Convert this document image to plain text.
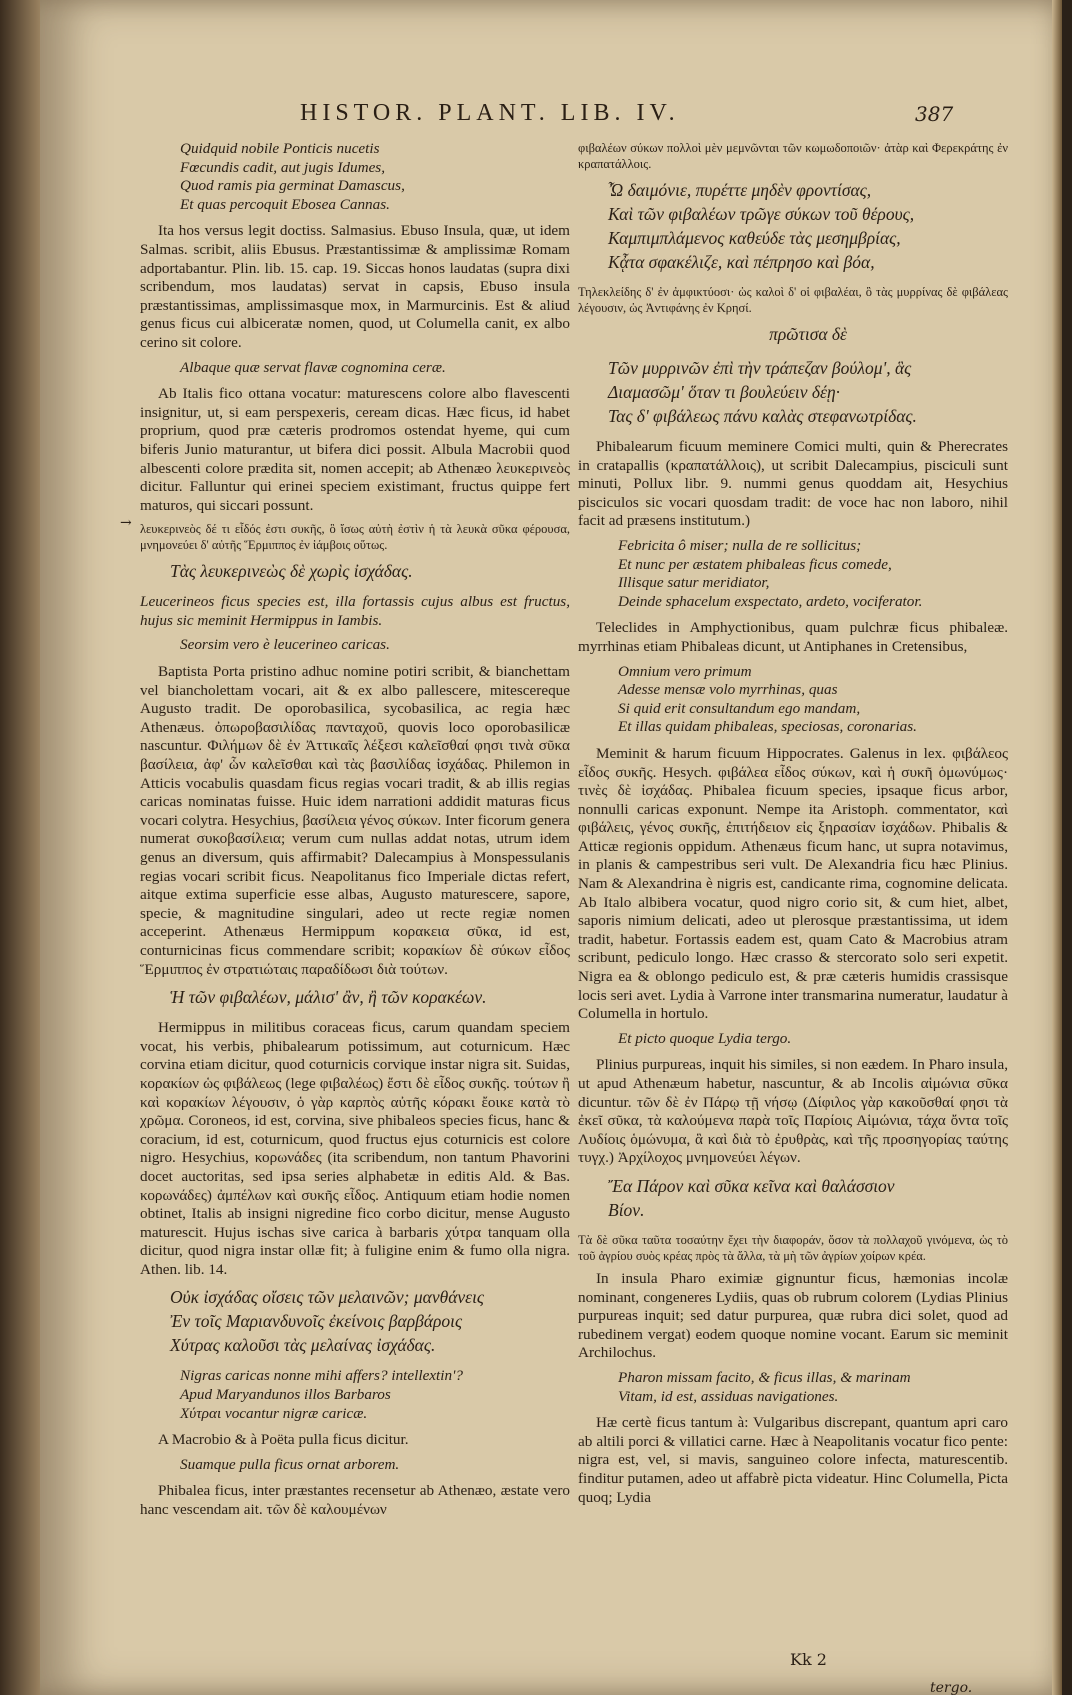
HISTOR. PLANT. LIB. IV.	387
→
Quidquid nobile Ponticis nucetis
Fœcundis cadit, aut jugis Idumes,
Quod ramis pia germinat Damascus,
Et quas percoquit Ebosea Cannas.

Ita hos versus legit doctiss. Salmasius. Ebuso Insula, quæ, ut idem Salmas. scribit, aliis Ebusus. Præstantissimæ & amplissimæ Romam adportabantur. Plin. lib. 15. cap. 19. Siccas honos laudatas (supra dixi scribendum, mos laudatas) servat in capsis, Ebuso insula præstantissimas, amplissimasque mox, in Marmurcinis. Est & aliud genus ficus cui albiceratæ nomen, quod, ut Columella canit, ex albo cerino sit colore.

Albaque quæ servat flavæ cognomina ceræ.

Ab Italis fico ottana vocatur: maturescens colore albo flavescenti insignitur, ut, si eam perspexeris, ceream dicas. Hæc ficus, id habet proprium, quod præ cæteris prodromos ostendat hyeme, qui cum biferis Junio maturantur, ut bifera dici possit. Albula Macrobii quod albescenti colore prædita sit, nomen accepit; ab Athenæo λευκερινεὸς dicitur. Falluntur qui erinei speciem existimant, fructus quippe fert maturos, qui siccari possunt.

λευκερινεὸς δέ τι εἶδός ἐστι συκῆς, ὃ ἴσως αὐτὴ ἐστὶν ἡ τὰ λευκὰ σῦκα φέρουσα, μνημονεύει δ' αὐτῆς Ἕρμιππος ἐν ἰάμβοις οὕτως.

Τὰς λευκερινεὼς δὲ χωρὶς ἰσχάδας.

Leucerineos ficus species est, illa fortassis cujus albus est fructus, hujus sic meminit Hermippus in Iambis.

Seorsim vero è leucerineo caricas.

Baptista Porta pristino adhuc nomine potiri scribit, & bianchettam vel biancholettam vocari, ait & ex albo pallescere, mitescereque Augusto tradit. De oporobasilica, sycobasilica, ac regia hæc Athenæus. ὀπωροβασιλίδας πανταχοῦ, quovis loco oporobasilicæ nascuntur. Φιλήμων δὲ ἐν Ἀττικαῖς λέξεσι καλεῖσθαί φησι τινὰ σῦκα βασίλεια, ἀφ' ὧν καλεῖσθαι καὶ τὰς βασιλίδας ἰσχάδας. Philemon in Atticis vocabulis quasdam ficus regias vocari tradit, & ab illis regias caricas nominatas fuisse. Huic idem narrationi addidit maturas ficus vocari colytra. Hesychius, βασίλεια γένος σύκων. Inter ficorum genera numerat συκοβασίλεια; verum cum nullas addat notas, utrum idem genus an diversum, quis affirmabit? Dalecampius à Monspessulanis regias vocari scribit ficus. Neapolitanus fico Imperiale dictas refert, aitque extima superficie esse albas, Augusto maturescere, sapore, specie, & magnitudine singulari, adeo ut recte regiæ nomen acceperint. Athenæus Hermippum κορακεια σῦκα, id est, conturnicinas ficus commendare scribit; κορακίων δὲ σύκων εἶδος Ἕρμιππος ἐν στρατιώταις παραδίδωσι διὰ τούτων.

Ἡ τῶν φιβαλέων, μάλισ' ἂν, ἢ τῶν κορακέων.

Hermippus in militibus coraceas ficus, carum quandam speciem vocat, his verbis, phibalearum potissimum, aut coturnicum. Hæc corvina etiam dicitur, quod coturnicis corvique instar nigra sit. Suidas, κορακίων ὡς φιβάλεως (lege φιβαλέως) ἔστι δὲ εἶδος συκῆς. τούτων ἢ καὶ κορακίων λέγουσιν, ὁ γὰρ καρπὸς αὐτῆς κόρακι ἔοικε κατὰ τὸ χρῶμα. Coroneos, id est, corvina, sive phibaleos species ficus, hanc & coracium, id est, coturnicum, quod fructus ejus coturnicis est colore nigro. Hesychius, κορωνάδες (ita scribendum, non tantum Phavorini docet auctoritas, sed ipsa series alphabetæ in editis Ald. & Bas. κορωνάδες) ἀμπέλων καὶ συκῆς εἶδος. Antiquum etiam hodie nomen obtinet, Italis ab insigni nigredine fico corbo dicitur, mense Augusto maturescit. Hujus ischas sive carica à barbaris χύτρα tanquam olla dicitur, quod nigra instar ollæ fit; à fuligine enim & fumo olla nigra. Athen. lib. 14.

Οὐκ ἰσχάδας οἴσεις τῶν μελαινῶν; μανθάνεις
Ἐν τοῖς Μαριανδυνοῖς ἐκείνοις βαρβάροις
Χύτρας καλοῦσι τὰς μελαίνας ἰσχάδας.
Nigras caricas nonne mihi affers? intellextin'?
Apud Maryandunos illos Barbaros
Χύτραι vocantur nigræ caricæ.

A Macrobio & à Poëta pulla ficus dicitur.

Suamque pulla ficus ornat arborem.

Phibalea ficus, inter præstantes recensetur ab Athenæo, æstate vero hanc vescendam ait. τῶν δὲ καλουμένων

φιβαλέων σύκων πολλοὶ μὲν μεμνῶνται τῶν κωμωδοποιῶν· ἀτὰρ καὶ Φερεκράτης ἐν κραπατάλλοις.

Ὦ δαιμόνιε, πυρέττε μηδὲν φροντίσας,
Καὶ τῶν φιβαλέων τρῶγε σύκων τοῦ θέρους,
Καμπιμπλάμενος καθεύδε τὰς μεσημβρίας,
Κᾆτα σφακέλιζε, καὶ πέπρησο καὶ βόα,

Τηλεκλείδης δ' ἐν ἀμφικτύοσι· ὡς καλοὶ δ' οἱ φιβαλέαι, ὃ τὰς μυρρίνας δὲ φιβάλεας λέγουσιν, ὡς Ἀντιφάνης ἐν Κρησί.

πρῶτισα δὲ
Τῶν μυρρινῶν ἐπὶ τὴν τράπεζαν βούλομ', ἃς
Διαμασῶμ' ὅταν τι βουλεύειν δέῃ·
Τας δ' φιβάλεως πάνυ καλὰς στεφανωτρίδας.

Phibalearum ficuum meminere Comici multi, quin & Pherecrates in cratapallis (κραπατάλλοις), ut scribit Dalecampius, pisciculi sunt minuti, Pollux libr. 9. nummi genus quoddam ait, Hesychius pisciculos sic vocari quosdam tradit: de voce hac non laboro, nihil facit ad præsens institutum.)

Febricita ô miser; nulla de re sollicitus;
Et nunc per æstatem phibaleas ficus comede,
Illisque satur meridiator,
Deinde sphacelum exspectato, ardeto, vociferator.

Teleclides in Amphyctionibus, quam pulchræ ficus phibaleæ. myrrhinas etiam Phibaleas dicunt, ut Antiphanes in Cretensibus,

Omnium vero primum
Adesse mensæ volo myrrhinas, quas
Si quid erit consultandum ego mandam,
Et illas quidam phibaleas, speciosas, coronarias.

Meminit & harum ficuum Hippocrates. Galenus in lex. φιβάλεος εἶδος συκῆς. Hesych. φιβάλεα εἶδος σύκων, καὶ ἡ συκῆ ὁμωνύμως· τινὲς δὲ ἰσχάδας. Phibalea ficuum species, ipsaque ficus arbor, nonnulli caricas exponunt. Nempe ita Aristoph. commentator, καὶ φιβάλεις, γένος συκῆς, ἐπιτήδειον εἰς ξηρασίαν ἰσχάδων. Phibalis & Atticæ regionis oppidum. Athenæus ficum hanc, ut supra notavimus, in planis & campestribus seri vult. De Alexandria ficu hæc Plinius. Nam & Alexandrina è nigris est, candicante rima, cognomine delicata. Ab Italo albibera vocatur, quod nigro corio sit, & cum hiet, albet, saporis nimium delicati, adeo ut plerosque præstantissima, ut idem tradit, habetur. Fortassis eadem est, quam Cato & Macrobius atram scribunt, pediculo longo. Hæc crasso & stercorato solo seri expetit. Nigra ea & oblongo pediculo est, & præ cæteris humidis crassisque locis seri avet. Lydia à Varrone inter transmarina numeratur, laudatur à Columella in hortulo.

Et picto quoque Lydia tergo.

Plinius purpureas, inquit his similes, si non eædem. In Pharo insula, ut apud Athenæum habetur, nascuntur, & ab Incolis αἱμώνια σῦκα dicuntur. τῶν δὲ ἐν Πάρῳ τῇ νήσῳ (Δίφιλος γὰρ κακοῦσθαί φησι τὰ ἐκεῖ σῦκα, τὰ καλούμενα παρὰ τοῖς Παρίοις Αἱμώνια, τάχα ὄντα τοῖς Λυδίοις ὁμώνυμα, ἃ καὶ διὰ τὸ ἐρυθρὰς, καὶ τῆς προσηγορίας ταύτης τυγχ.) Ἀρχίλοχος μνημονεύει λέγων.

Ἔα Πάρον καὶ σῦκα κεῖνα καὶ θαλάσσιον
Βίον.

Τὰ δὲ σῦκα ταῦτα τοσαύτην ἔχει τὴν διαφοράν, ὅσον τὰ πολλαχοῦ γινόμενα, ὡς τὸ τοῦ ἀγρίου συὸς κρέας πρὸς τὰ ἄλλα, τὰ μὴ τῶν ἀγρίων χοίρων κρέα.

In insula Pharo eximiæ gignuntur ficus, hæmonias incolæ nominant, congeneres Lydiis, quas ob rubrum colorem (Lydias Plinius purpureas inquit; sed datur purpurea, quæ rubra dici solet, quod ad rubedinem vergat) eodem quoque nomine vocant. Earum sic meminit Archilochus.

Pharon missam facito, & ficus illas, & marinam
Vitam, id est, assiduas navigationes.

Hæ certè ficus tantum à: Vulgaribus discrepant, quantum apri caro ab altili porci & villatici carne. Hæc à Neapolitanis vocatur fico pente: nigra est, vel, si mavis, sanguineo colore infecta, maturescentib. finditur putamen, adeo ut affabrè picta videatur. Hinc Columella, Picta quoq; Lydia

Kk 2
tergo.
